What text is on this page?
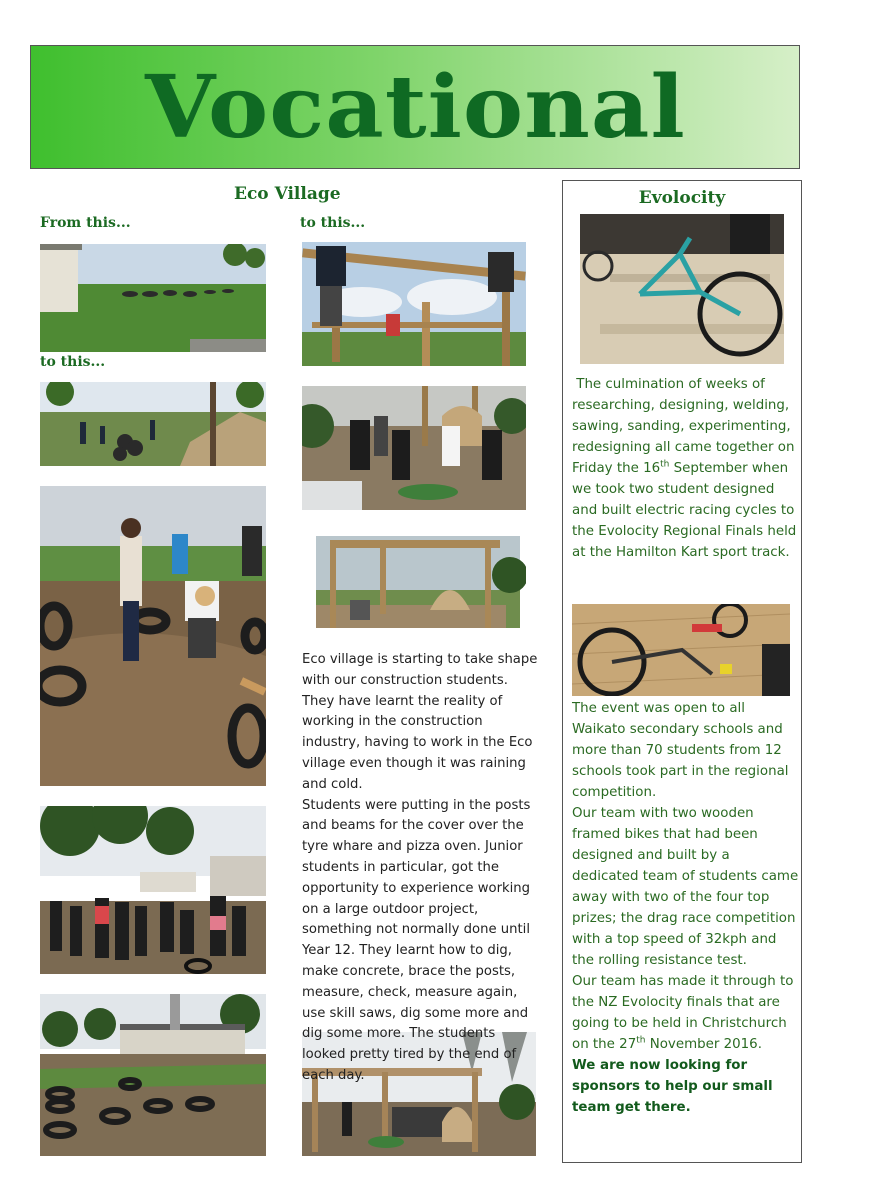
Vocational
Eco Village
From this...	to this...
to this...

Eco village is starting to take shape with our construction students. They have learnt the reality of working in the construction industry, having to work in the Eco village even though it was raining and cold.

Students were putting in the posts and beams for the cover over the tyre whare and pizza oven. Junior students in particular, got the opportunity to experience working on a large outdoor project, something not normally done until Year 12. They learnt how to dig, make concrete, brace the posts, measure, check, measure again, use skill saws, dig some more and dig some more. The students looked pretty tired by the end of each day.

Evolocity

The culmination of weeks of researching, designing, welding, sawing, sanding, experimenting, redesigning all came together on Friday the 16th September when we took two student designed and built electric racing cycles to the Evolocity Regional Finals held at the Hamilton Kart sport track.

The event was open to all Waikato secondary schools and more than 70 students from 12 schools took part in the regional competition.

Our team with two wooden framed bikes that had been designed and built by a dedicated team of students came away with two of the four top prizes; the drag race competition with a top speed of 32kph and the rolling resistance test.

Our team has made it through to the NZ Evolocity finals that are going to be held in Christchurch on the 27th November 2016.

We are now looking for sponsors to help our small team get there.
